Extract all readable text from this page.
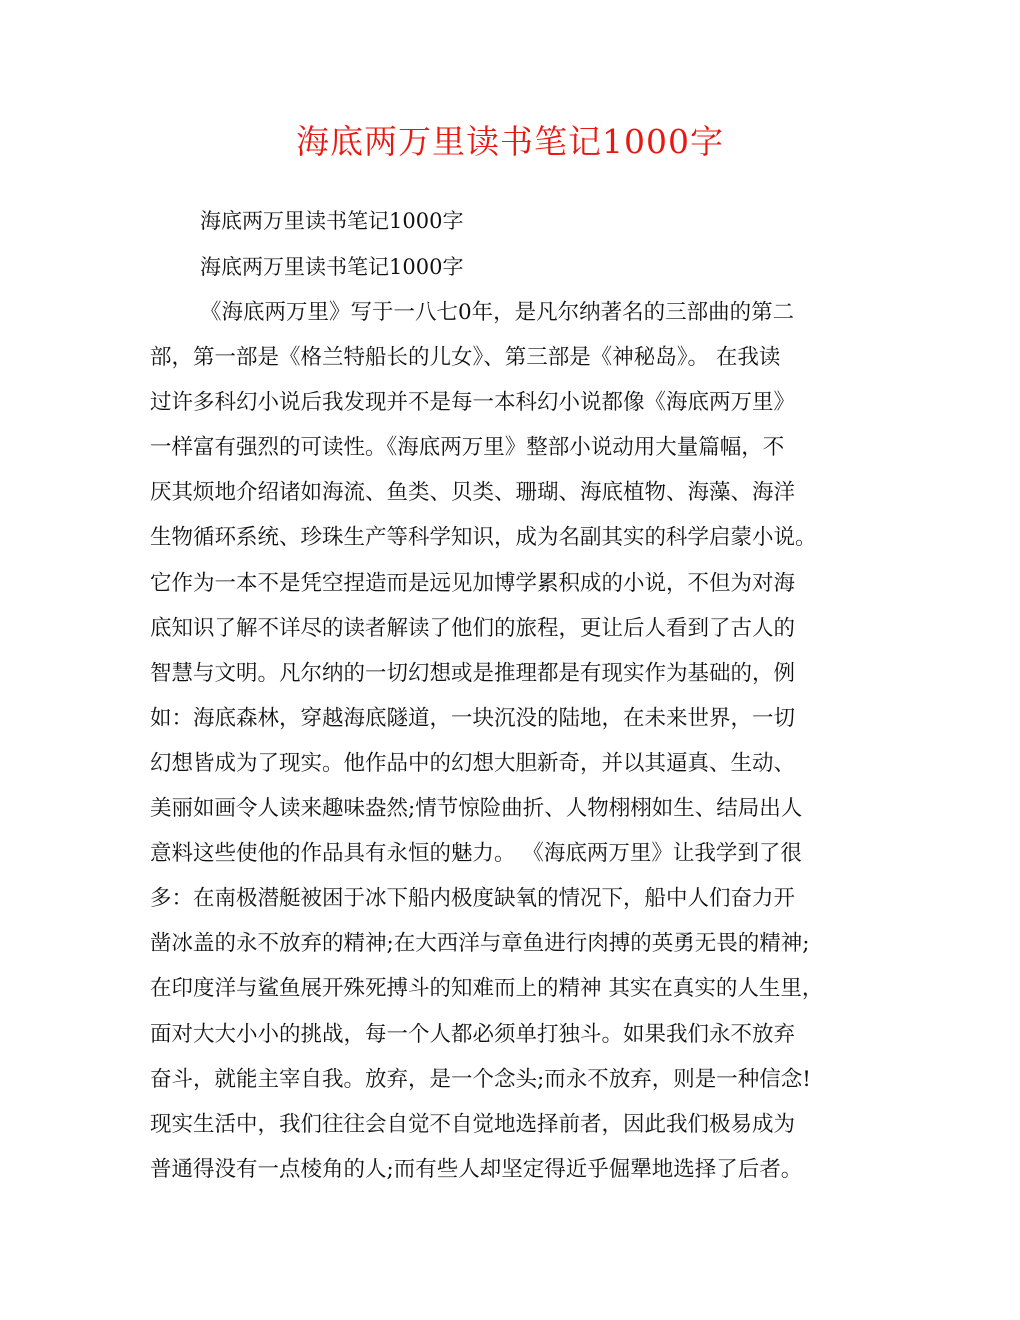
海底两万里读书笔记1000字
海底两万里读书笔记1000字
海底两万里读书笔记1000字
《海底两万里》写于一八七0年，是凡尔纳著名的三部曲的第二
部，第一部是《格兰特船长的儿女》、第三部是《神秘岛》。 在我读
过许多科幻小说后我发现并不是每一本科幻小说都像《海底两万里》
一样富有强烈的可读性。《海底两万里》整部小说动用大量篇幅，不
厌其烦地介绍诸如海流、鱼类、贝类、珊瑚、海底植物、海藻、海洋
生物循环系统、珍珠生产等科学知识，成为名副其实的科学启蒙小说。
它作为一本不是凭空捏造而是远见加博学累积成的小说，不但为对海
底知识了解不详尽的读者解读了他们的旅程，更让后人看到了古人的
智慧与文明。凡尔纳的一切幻想或是推理都是有现实作为基础的，例
如：海底森林，穿越海底隧道，一块沉没的陆地，在未来世界，一切
幻想皆成为了现实。他作品中的幻想大胆新奇，并以其逼真、生动、
美丽如画令人读来趣味盎然;情节惊险曲折、人物栩栩如生、结局出人
意料这些使他的作品具有永恒的魅力。 《海底两万里》让我学到了很
多：在南极潜艇被困于冰下船内极度缺氧的情况下，船中人们奋力开
凿冰盖的永不放弃的精神;在大西洋与章鱼进行肉搏的英勇无畏的精神;
在印度洋与鲨鱼展开殊死搏斗的知难而上的精神 其实在真实的人生里，
面对大大小小的挑战，每一个人都必须单打独斗。如果我们永不放弃
奋斗，就能主宰自我。放弃，是一个念头;而永不放弃，则是一种信念!
现实生活中，我们往往会自觉不自觉地选择前者，因此我们极易成为
普通得没有一点棱角的人;而有些人却坚定得近乎倔犟地选择了后者。
